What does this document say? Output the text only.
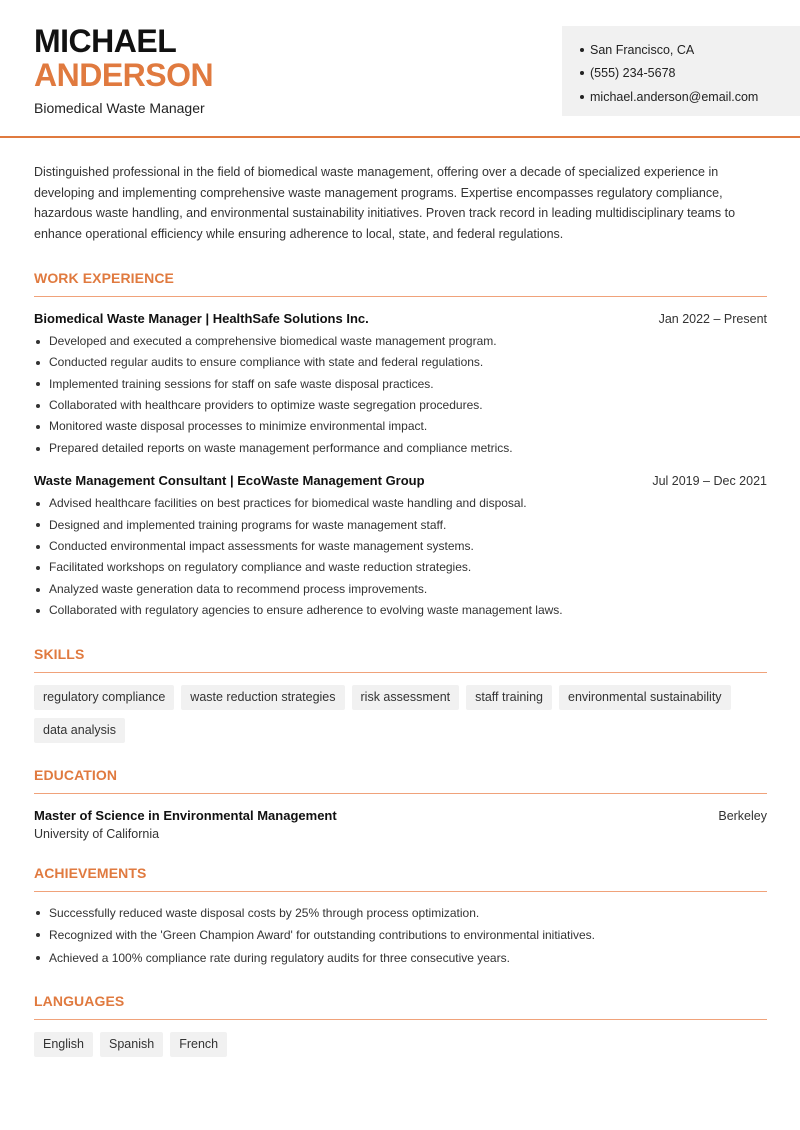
MICHAEL
ANDERSON
Biomedical Waste Manager
San Francisco, CA
(555) 234-5678
michael.anderson@email.com

Distinguished professional in the field of biomedical waste management, offering over a decade of specialized experience in developing and implementing comprehensive waste management programs. Expertise encompasses regulatory compliance, hazardous waste handling, and environmental sustainability initiatives. Proven track record in leading multidisciplinary teams to enhance operational efficiency while ensuring adherence to local, state, and federal regulations.

WORK EXPERIENCE
Biomedical Waste Manager | HealthSafe Solutions Inc.	Jan 2022 – Present
Developed and executed a comprehensive biomedical waste management program.
Conducted regular audits to ensure compliance with state and federal regulations.
Implemented training sessions for staff on safe waste disposal practices.
Collaborated with healthcare providers to optimize waste segregation procedures.
Monitored waste disposal processes to minimize environmental impact.
Prepared detailed reports on waste management performance and compliance metrics.
Waste Management Consultant | EcoWaste Management Group	Jul 2019 – Dec 2021
Advised healthcare facilities on best practices for biomedical waste handling and disposal.
Designed and implemented training programs for waste management staff.
Conducted environmental impact assessments for waste management systems.
Facilitated workshops on regulatory compliance and waste reduction strategies.
Analyzed waste generation data to recommend process improvements.
Collaborated with regulatory agencies to ensure adherence to evolving waste management laws.
SKILLS
regulatory compliance	waste reduction strategies	risk assessment	staff training	environmental sustainability
data analysis
EDUCATION
Master of Science in Environmental Management	Berkeley
University of California
ACHIEVEMENTS
Successfully reduced waste disposal costs by 25% through process optimization.
Recognized with the 'Green Champion Award' for outstanding contributions to environmental initiatives.
Achieved a 100% compliance rate during regulatory audits for three consecutive years.
LANGUAGES
English	Spanish	French
